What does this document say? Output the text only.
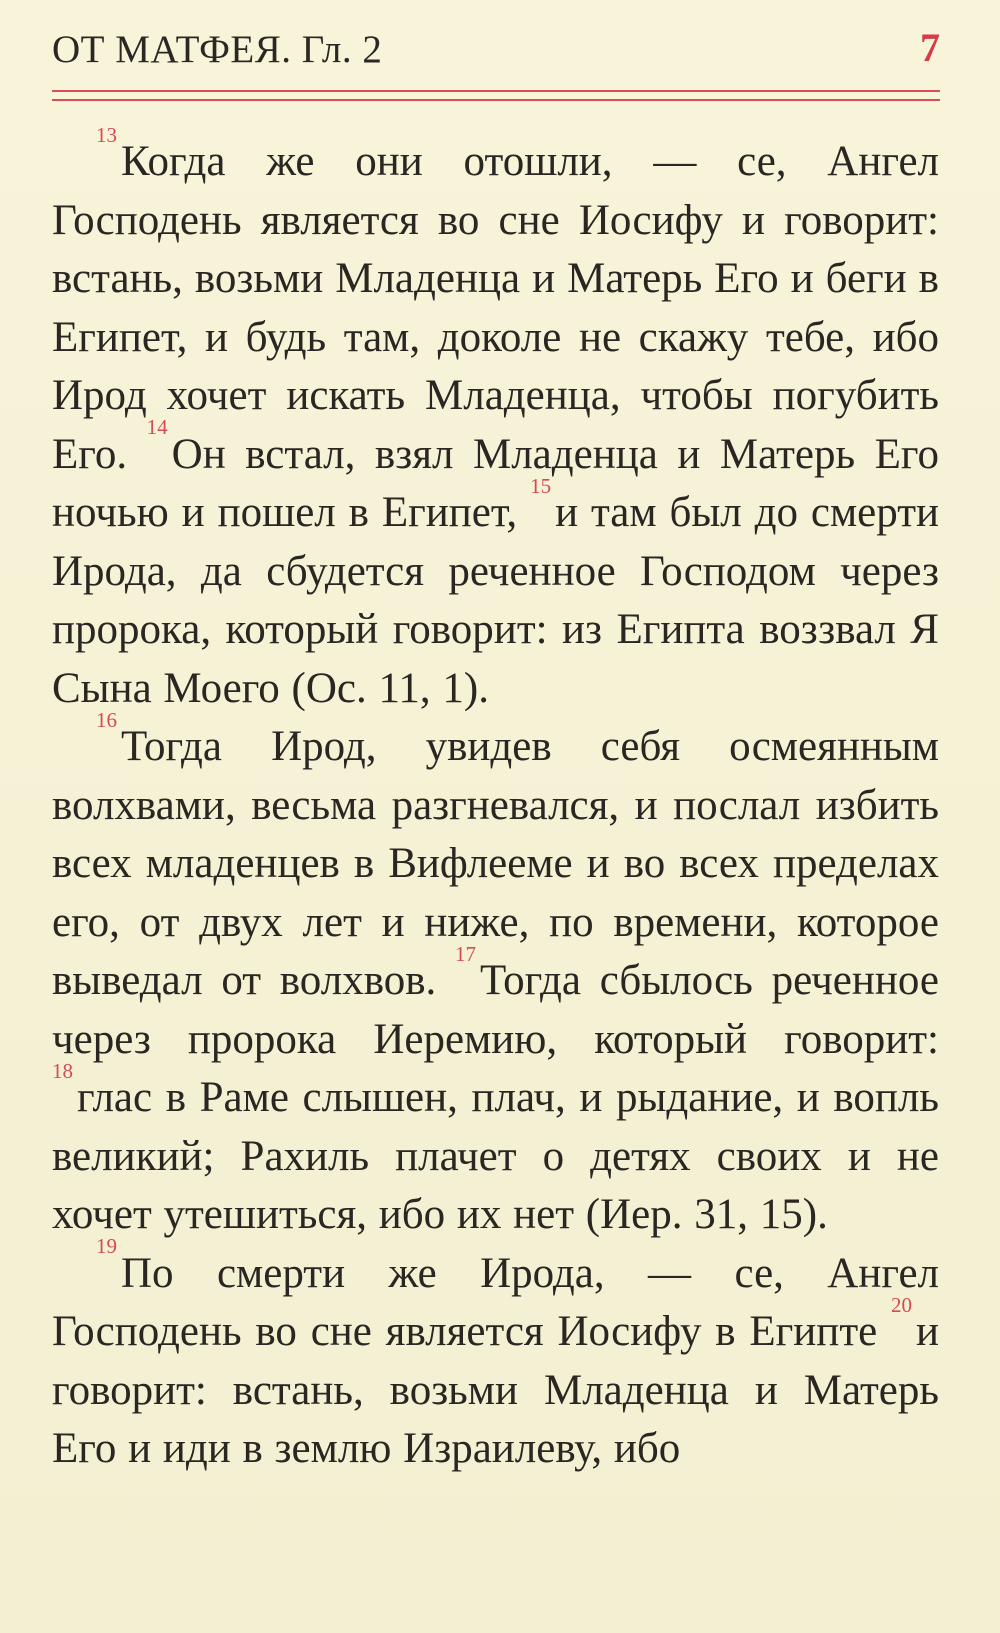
ОТ МАТФЕЯ. Гл. 2	7

$^{13}$Когда же они отошли, — се, Ангел Господень является во сне Иосифу и говорит: встань, возьми Младенца и Матерь Его и беги в Египет, и будь там, доколе не скажу тебе, ибо Ирод хочет искать Младенца, чтобы погубить Его. $^{14}$Он встал, взял Младенца и Матерь Его ночью и пошел в Египет, $^{15}$и там был до смерти Ирода, да сбудется реченное Господом через пророка, который говорит: из Египта воззвал Я Сына Моего (Ос. 11, 1).

$^{16}$Тогда Ирод, увидев себя осмеянным волхвами, весьма разгневался, и послал избить всех младенцев в Вифлееме и во всех пределах его, от двух лет и ниже, по времени, которое выведал от волхвов. $^{17}$Тогда сбылось реченное через пророка Иеремию, который говорит: $^{18}$глас в Раме слышен, плач, и рыдание, и вопль великий; Рахиль плачет о детях своих и не хочет утешиться, ибо их нет (Иер. 31, 15).

$^{19}$По смерти же Ирода, — се, Ангел Господень во сне является Иосифу в Египте $^{20}$и говорит: встань, возьми Младенца и Матерь Его и иди в землю Израилеву, ибо
